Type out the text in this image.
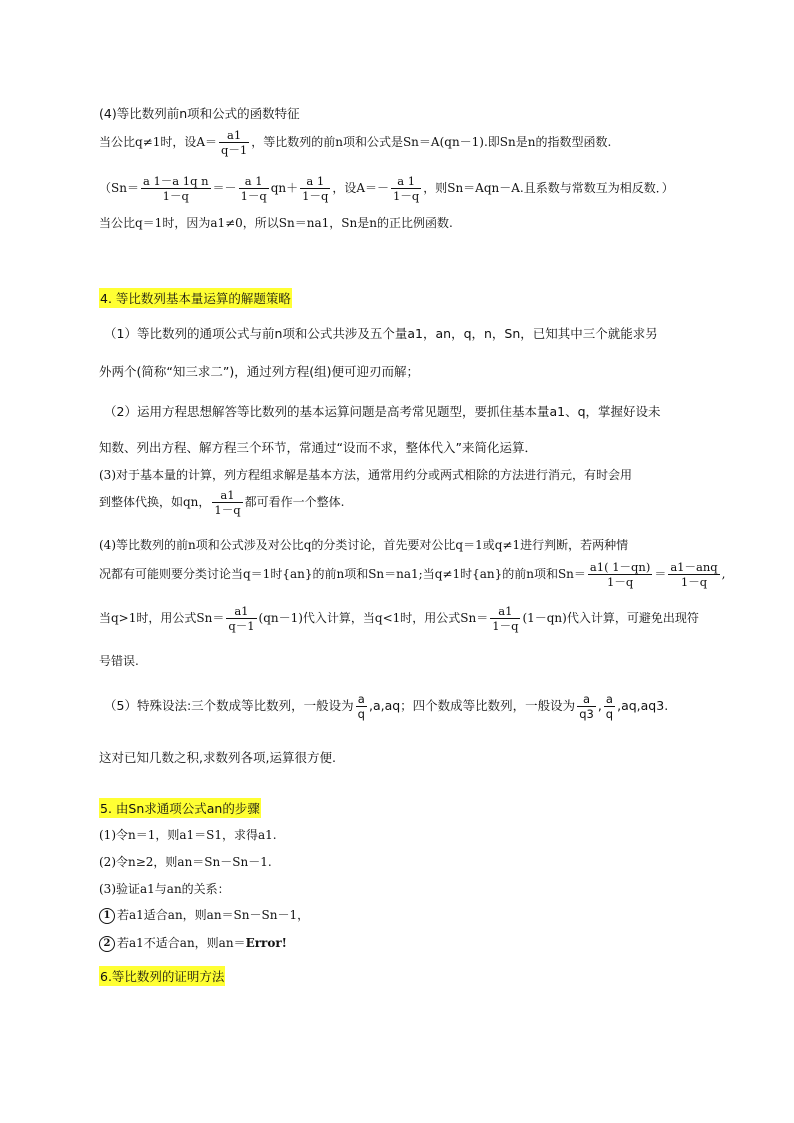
(4)等比数列前n项和公式的函数特征
当公比q≠1时，设$A= \frac{a1}{q-1}$ ，等比数列的前n项和公式是Sn＝A(qn－1).即Sn是n的指数型函数.
（$Sn= \frac{\text{a 1－a 1q n}}{1-q} =- \frac{a 1}{1-q} qn+ \frac{a 1}{1-q}$ ，设$A=- \frac{a 1}{1-q}$ ，则Sn＝Aqn－A.且系数与常数互为相反数．）
当公比q＝1时，因为a1≠0，所以Sn＝na1，Sn是n的正比例函数.
4. 等比数列基本量运算的解题策略
（1）等比数列的通项公式与前n项和公式共涉及五个量a1，an，q，n，Sn，已知其中三个就能求另
外两个(简称“知三求二”)，通过列方程(组)便可迎刃而解；
（2）运用方程思想解答等比数列的基本运算问题是高考常见题型，要抓住基本量a1、q，掌握好设未
知数、列出方程、解方程三个环节，常通过“设而不求，整体代入”来简化运算．
(3)对于基本量的计算，列方程组求解是基本方法，通常用约分或两式相除的方法进行消元，有时会用
到整体代换，如qn， $\frac{a1}{1-q}$ 都可看作一个整体.
(4)等比数列的前n项和公式涉及对公比q的分类讨论，首先要对公比q＝1或q≠1进行判断，若两种情
况都有可能则要分类讨论当q＝1时{an}的前n项和Sn＝na1;当q≠1时{an}的前n项和$Sn= \frac{a1( 1-qn)}{1-q} = \frac{\text{a1－anq}}{1-q}$ ,
当q>1时，用公式$Sn= \frac{a1}{q-1} (qn-1)$代入计算，当q<1时，用公式$Sn= \frac{a1}{1-q} (1-qn)$代入计算，可避免出现符
号错误.
（5）特殊设法:三个数成等比数列，一般设为 $\frac{a}{q} ,a,aq$；四个数成等比数列，一般设为 $\frac{a}{q3}$ , $\frac{a}{q} ,aq,aq3$.
这对已知几数之积,求数列各项,运算很方便.
5. 由Sn求通项公式an的步骤
(1)令n＝1，则a1＝S1，求得a1.
(2)令n≥2，则an＝Sn－Sn－1.
(3)验证a1与an的关系：
1 若a1适合an，则an＝Sn－Sn－1，
2 若a1不适合an，则an＝Error!
6.等比数列的证明方法
